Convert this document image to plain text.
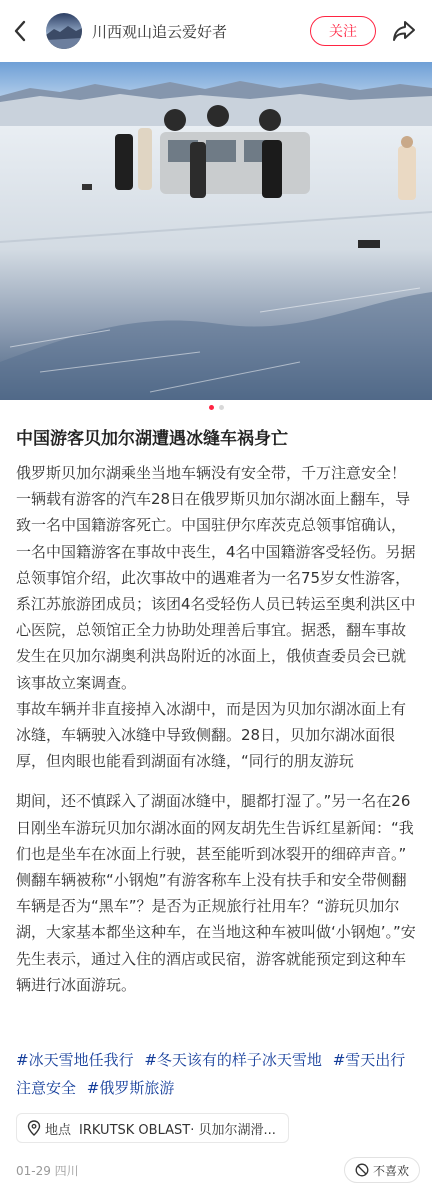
川西观山追云爱好者	关注
中国游客贝加尔湖遭遇冰缝车祸身亡

俄罗斯贝加尔湖乘坐当地车辆没有安全带，千万注意安全！

一辆载有游客的汽车28日在俄罗斯贝加尔湖冰面上翻车，导致一名中国籍游客死亡。中国驻伊尔库茨克总领事馆确认，一名中国籍游客在事故中丧生，4名中国籍游客受轻伤。另据总领事馆介绍，此次事故中的遇难者为一名75岁女性游客，系江苏旅游团成员；该团4名受轻伤人员已转运至奥利洪区中心医院，总领馆正全力协助处理善后事宜。据悉，翻车事故发生在贝加尔湖奥利洪岛附近的冰面上，俄侦查委员会已就该事故立案调查。

事故车辆并非直接掉入冰湖中，而是因为贝加尔湖冰面上有冰缝，车辆驶入冰缝中导致侧翻。28日，贝加尔湖冰面很厚，但肉眼也能看到湖面有冰缝，“同行的朋友游玩

期间，还不慎踩入了湖面冰缝中，腿都打湿了。”另一名在26日刚坐车游玩贝加尔湖冰面的网友胡先生告诉红星新闻：“我们也是坐车在冰面上行驶，甚至能听到冰裂开的细碎声音。”

侧翻车辆被称“小钢炮”有游客称车上没有扶手和安全带侧翻车辆是否为“黑车”？是否为正规旅行社用车？“游玩贝加尔湖，大家基本都坐这种车，在当地这种车被叫做‘小钢炮’。”安先生表示，通过入住的酒店或民宿，游客就能预定到这种车辆进行冰面游玩。

#冰天雪地任我行 #冬天该有的样子冰天雪地 #雪天出行注意安全 #俄罗斯旅游
地点 IRKUTSK OBLAST· 贝加尔湖滑...
01-29 四川	不喜欢
